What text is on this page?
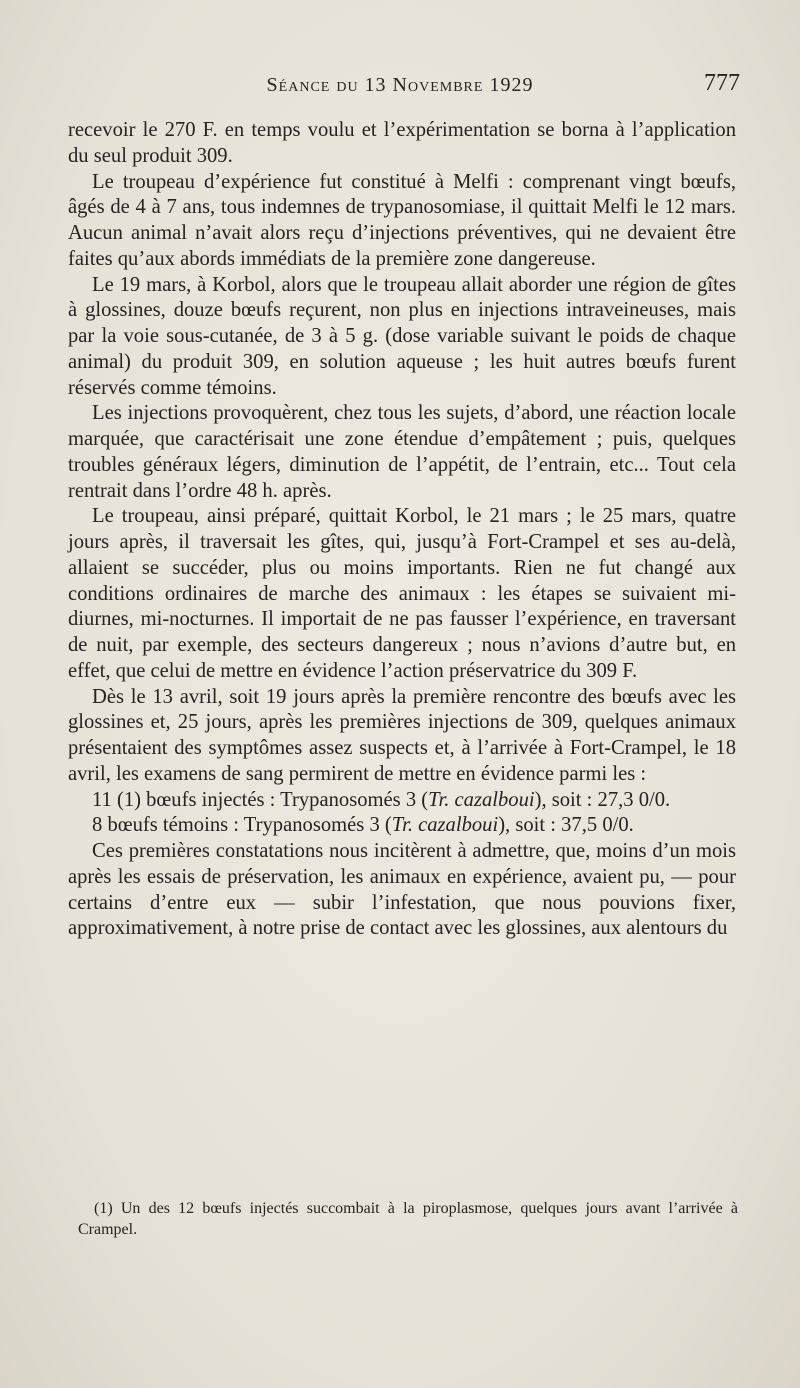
Séance du 13 Novembre 1929	777

recevoir le 270 F. en temps voulu et l’expérimentation se borna à l’application du seul produit 309.

Le troupeau d’expérience fut constitué à Melfi : comprenant vingt bœufs, âgés de 4 à 7 ans, tous indemnes de trypanosomiase, il quittait Melfi le 12 mars. Aucun animal n’avait alors reçu d’injections préventives, qui ne devaient être faites qu’aux abords immédiats de la première zone dangereuse.

Le 19 mars, à Korbol, alors que le troupeau allait aborder une région de gîtes à glossines, douze bœufs reçurent, non plus en injections intraveineuses, mais par la voie sous-cutanée, de 3 à 5 g. (dose variable suivant le poids de chaque animal) du produit 309, en solution aqueuse ; les huit autres bœufs furent réservés comme témoins.

Les injections provoquèrent, chez tous les sujets, d’abord, une réaction locale marquée, que caractérisait une zone étendue d’empâtement ; puis, quelques troubles généraux légers, diminution de l’appétit, de l’entrain, etc... Tout cela rentrait dans l’ordre 48 h. après.

Le troupeau, ainsi préparé, quittait Korbol, le 21 mars ; le 25 mars, quatre jours après, il traversait les gîtes, qui, jusqu’à Fort-Crampel et ses au-delà, allaient se succéder, plus ou moins importants. Rien ne fut changé aux conditions ordinaires de marche des animaux : les étapes se suivaient mi-diurnes, mi-nocturnes. Il importait de ne pas fausser l’expérience, en traversant de nuit, par exemple, des secteurs dangereux ; nous n’avions d’autre but, en effet, que celui de mettre en évidence l’action préservatrice du 309 F.

Dès le 13 avril, soit 19 jours après la première rencontre des bœufs avec les glossines et, 25 jours, après les premières injections de 309, quelques animaux présentaient des symptômes assez suspects et, à l’arrivée à Fort-Crampel, le 18 avril, les examens de sang permirent de mettre en évidence parmi les :

11 (1) bœufs injectés : Trypanosomés 3 (Tr. cazalboui), soit : 27,3 0/0.

8 bœufs témoins : Trypanosomés 3 (Tr. cazalboui), soit : 37,5 0/0.

Ces premières constatations nous incitèrent à admettre, que, moins d’un mois après les essais de préservation, les animaux en expérience, avaient pu, — pour certains d’entre eux — subir l’infestation, que nous pouvions fixer, approximativement, à notre prise de contact avec les glossines, aux alentours du

(1) Un des 12 bœufs injectés succombait à la piroplasmose, quelques jours avant l’arrivée à Crampel.
